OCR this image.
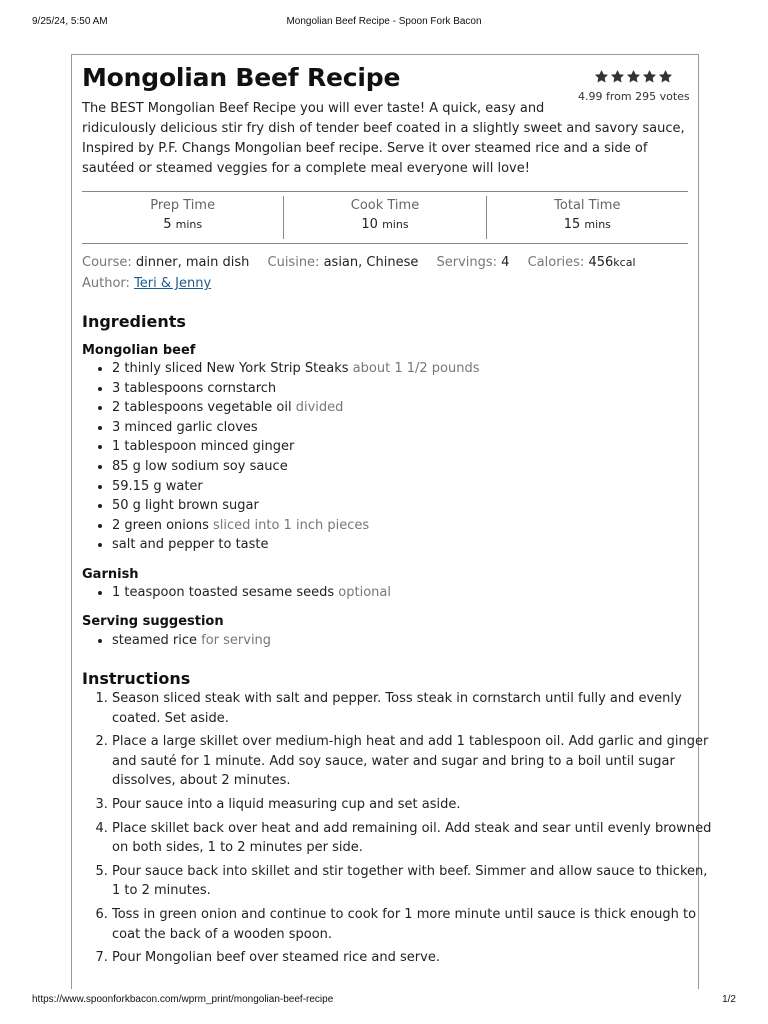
9/25/24, 5:50 AM	Mongolian Beef Recipe - Spoon Fork Bacon
Mongolian Beef Recipe
4.99 from 295 votes
The BEST Mongolian Beef Recipe you will ever taste! A quick, easy and
ridiculously delicious stir fry dish of tender beef coated in a slightly sweet and savory sauce, Inspired by P.F. Changs Mongolian beef recipe. Serve it over steamed rice and a side of sautéed or steamed veggies for a complete meal everyone will love!
Prep Time
5 mins
Cook Time
10 mins
Total Time
15 mins
Course: dinner, main dish Cuisine: asian, Chinese Servings: 4 Calories: 456kcal
Author: Teri & Jenny
Ingredients
Mongolian beef
• 2 thinly sliced New York Strip Steaks about 1 1/2 pounds
• 3 tablespoons cornstarch
• 2 tablespoons vegetable oil divided
• 3 minced garlic cloves
• 1 tablespoon minced ginger
• 85 g low sodium soy sauce
• 59.15 g water
• 50 g light brown sugar
• 2 green onions sliced into 1 inch pieces
• salt and pepper to taste
Garnish
• 1 teaspoon toasted sesame seeds optional
Serving suggestion
• steamed rice for serving
Instructions
1. Season sliced steak with salt and pepper. Toss steak in cornstarch until fully and evenly coated. Set aside.
2. Place a large skillet over medium-high heat and add 1 tablespoon oil. Add garlic and ginger and sauté for 1 minute. Add soy sauce, water and sugar and bring to a boil until sugar dissolves, about 2 minutes.
3. Pour sauce into a liquid measuring cup and set aside.
4. Place skillet back over heat and add remaining oil. Add steak and sear until evenly browned on both sides, 1 to 2 minutes per side.
5. Pour sauce back into skillet and stir together with beef. Simmer and allow sauce to thicken, 1 to 2 minutes.
6. Toss in green onion and continue to cook for 1 more minute until sauce is thick enough to coat the back of a wooden spoon.
7. Pour Mongolian beef over steamed rice and serve.
https://www.spoonforkbacon.com/wprm_print/mongolian-beef-recipe	1/2
